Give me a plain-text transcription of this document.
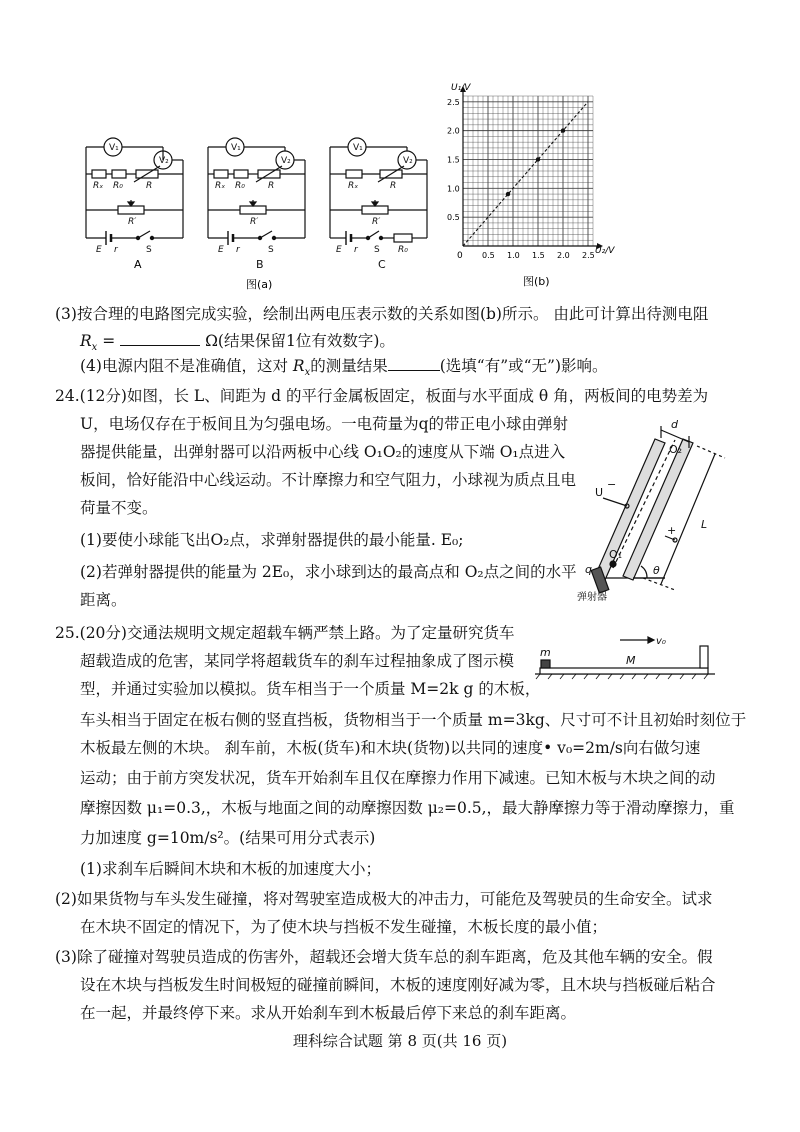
V₁
V₂
Rₓ R₀	R
R′
E r	S
A
V₁
V₂
Rₓ R₀	R
R′
E r	S
B
V₁
V₂
Rₓ	R
R′
E r S R₀
C
图(a)
0.5
1.0
1.5
2.0
2.5
0.5 1.0 1.5 2.0 2.5
U₁/V
U₂/V
0
图(b)
(3)按合理的电路图完成实验，绘制出两电压表示数的关系如图(b)所示。 由此可计算出待测电阻
$R_x$ =	Ω(结果保留1位有效数字)。
(4)电源内阻不是准确值，这对 $R_x$的测量结果	(选填“有”或“无”)影响。
24.(12分)如图，长 L、间距为 d 的平行金属板固定，板面与水平面成 θ 角，两板间的电势差为
U，电场仅存在于板间且为匀强电场。一电荷量为q的带正电小球由弹射
器提供能量，出弹射器可以沿两板中心线 O₁O₂的速度从下端 O₁点进入
板间，恰好能沿中心线运动。不计摩擦力和空气阻力，小球视为质点且电
荷量不变。
(1)要使小球能飞出O₂点，求弹射器提供的最小能量. E₀;
(2)若弹射器提供的能量为 2E₀，求小球到达的最高点和 O₂点之间的水平
距离。
d
O₂
O₁
U
−
+ L
q	θ
弹射器
25.(20分)交通法规明文规定超载车辆严禁上路。为了定量研究货车
超载造成的危害，某同学将超载货车的刹车过程抽象成了图示模
型，并通过实验加以模拟。货车相当于一个质量 M=2k g 的木板，
车头相当于固定在板右侧的竖直挡板，货物相当于一个质量 m=3kg、尺寸可不计且初始时刻位于
木板最左侧的木块。 刹车前，木板(货车)和木块(货物)以共同的速度• v₀=2m/s向右做匀速
运动；由于前方突发状况，货车开始刹车且仅在摩擦力作用下减速。已知木板与木块之间的动
摩擦因数 μ₁=0.3,，木板与地面之间的动摩擦因数 μ₂=0.5,，最大静摩擦力等于滑动摩擦力，重
力加速度 g=10m/s²。(结果可用分式表示)
(1)求刹车后瞬间木块和木板的加速度大小；
(2)如果货物与车头发生碰撞，将对驾驶室造成极大的冲击力，可能危及驾驶员的生命安全。试求
在木块不固定的情况下，为了使木块与挡板不发生碰撞，木板长度的最小值；
(3)除了碰撞对驾驶员造成的伤害外，超载还会增大货车总的刹车距离，危及其他车辆的安全。假
设在木块与挡板发生时间极短的碰撞前瞬间，木板的速度刚好减为零，且木块与挡板碰后粘合
在一起，并最终停下来。求从开始刹车到木板最后停下来总的刹车距离。
m
M
v₀
理科综合试题 第 8 页(共 16 页)
